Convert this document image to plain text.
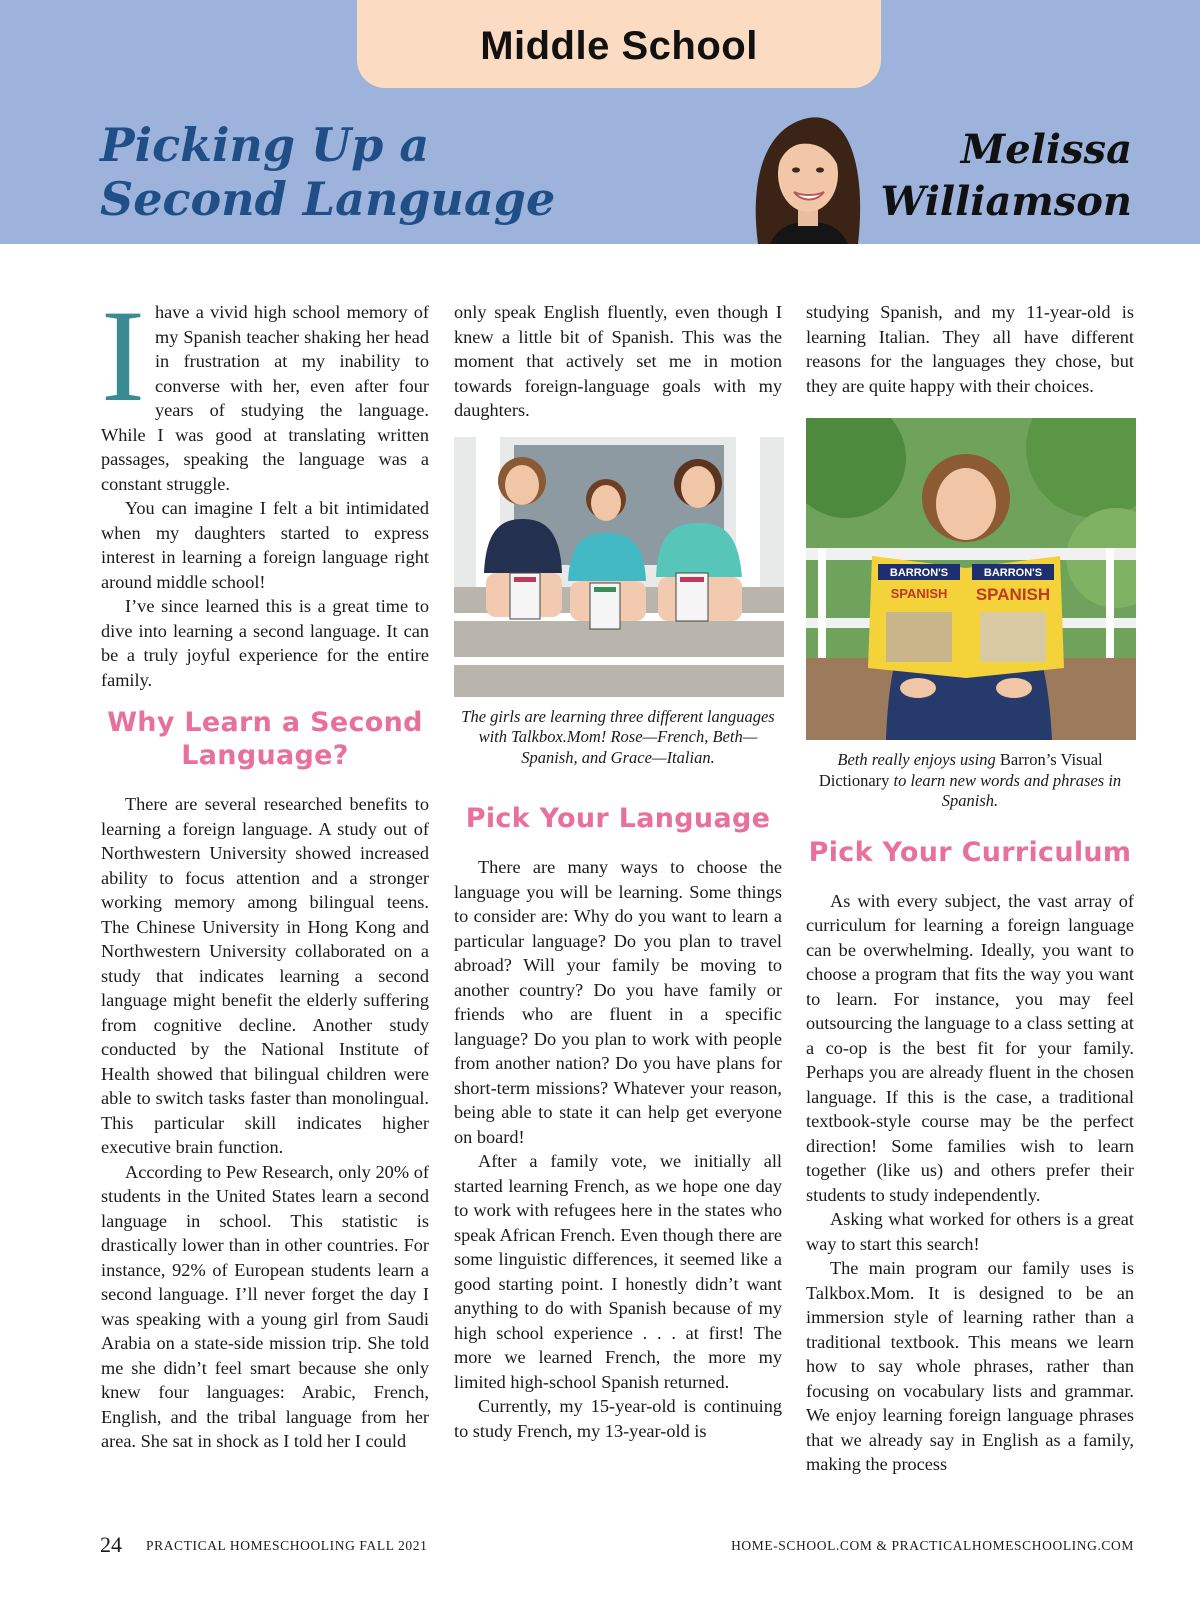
Middle School
Picking Up a
Second Language
Melissa
Williamson

Ihave a vivid high school memory of my Spanish teacher shaking her head in frustration at my inability to converse with her, even after four years of studying the language. While I was good at translating written passages, speaking the language was a constant struggle.

You can imagine I felt a bit intimidated when my daughters started to express interest in learning a foreign language right around middle school!

I’ve since learned this is a great time to dive into learning a second language. It can be a truly joyful experience for the entire family.

Why Learn a Second Language?

There are several researched benefits to learning a foreign language. A study out of Northwestern University showed increased ability to focus attention and a stronger working memory among bilingual teens. The Chinese University in Hong Kong and Northwestern University collaborated on a study that indicates learning a second language might benefit the elderly suffering from cognitive decline. Another study conducted by the National Institute of Health showed that bilingual children were able to switch tasks faster than monolingual. This particular skill indicates higher executive brain function.

According to Pew Research, only 20% of students in the United States learn a second language in school. This statistic is drastically lower than in other countries. For instance, 92% of European students learn a second language. I’ll never forget the day I was speaking with a young girl from Saudi Arabia on a state-side mission trip. She told me she didn’t feel smart because she only knew four languages: Arabic, French, English, and the tribal language from her area. She sat in shock as I told her I could

only speak English fluently, even though I knew a little bit of Spanish. This was the moment that actively set me in motion towards foreign-language goals with my daughters.

The girls are learning three different languages with Talkbox.Mom! Rose—French, Beth—Spanish, and Grace—Italian.
Pick Your Language

There are many ways to choose the language you will be learning. Some things to consider are: Why do you want to learn a particular language? Do you plan to travel abroad? Will your family be moving to another country? Do you have family or friends who are fluent in a specific language? Do you plan to work with people from another nation? Do you have plans for short-term missions? Whatever your reason, being able to state it can help get everyone on board!

After a family vote, we initially all started learning French, as we hope one day to work with refugees here in the states who speak African French. Even though there are some linguistic differences, it seemed like a good starting point. I honestly didn’t want anything to do with Spanish because of my high school experience . . . at first! The more we learned French, the more my limited high-school Spanish returned.

Currently, my 15-year-old is continuing to study French, my 13-year-old is

studying Spanish, and my 11-year-old is learning Italian. They all have different reasons for the languages they chose, but they are quite happy with their choices.

BARRON'S	BARRON'S
SPANISH SPANISH
Beth really enjoys using Barron’s Visual Dictionary to learn new words and phrases in Spanish.
Pick Your Curriculum

As with every subject, the vast array of curriculum for learning a foreign language can be overwhelming. Ideally, you want to choose a program that fits the way you want to learn. For instance, you may feel outsourcing the language to a class setting at a co-op is the best fit for your family. Perhaps you are already fluent in the chosen language. If this is the case, a traditional textbook-style course may be the perfect direction! Some families wish to learn together (like us) and others prefer their students to study independently.

Asking what worked for others is a great way to start this search!

The main program our family uses is Talkbox.Mom. It is designed to be an immersion style of learning rather than a traditional textbook. This means we learn how to say whole phrases, rather than focusing on vocabulary lists and grammar. We enjoy learning foreign language phrases that we already say in English as a family, making the process

24 PRACTICAL HOMESCHOOLING FALL 2021	HOME-SCHOOL.COM & PRACTICALHOMESCHOOLING.COM
